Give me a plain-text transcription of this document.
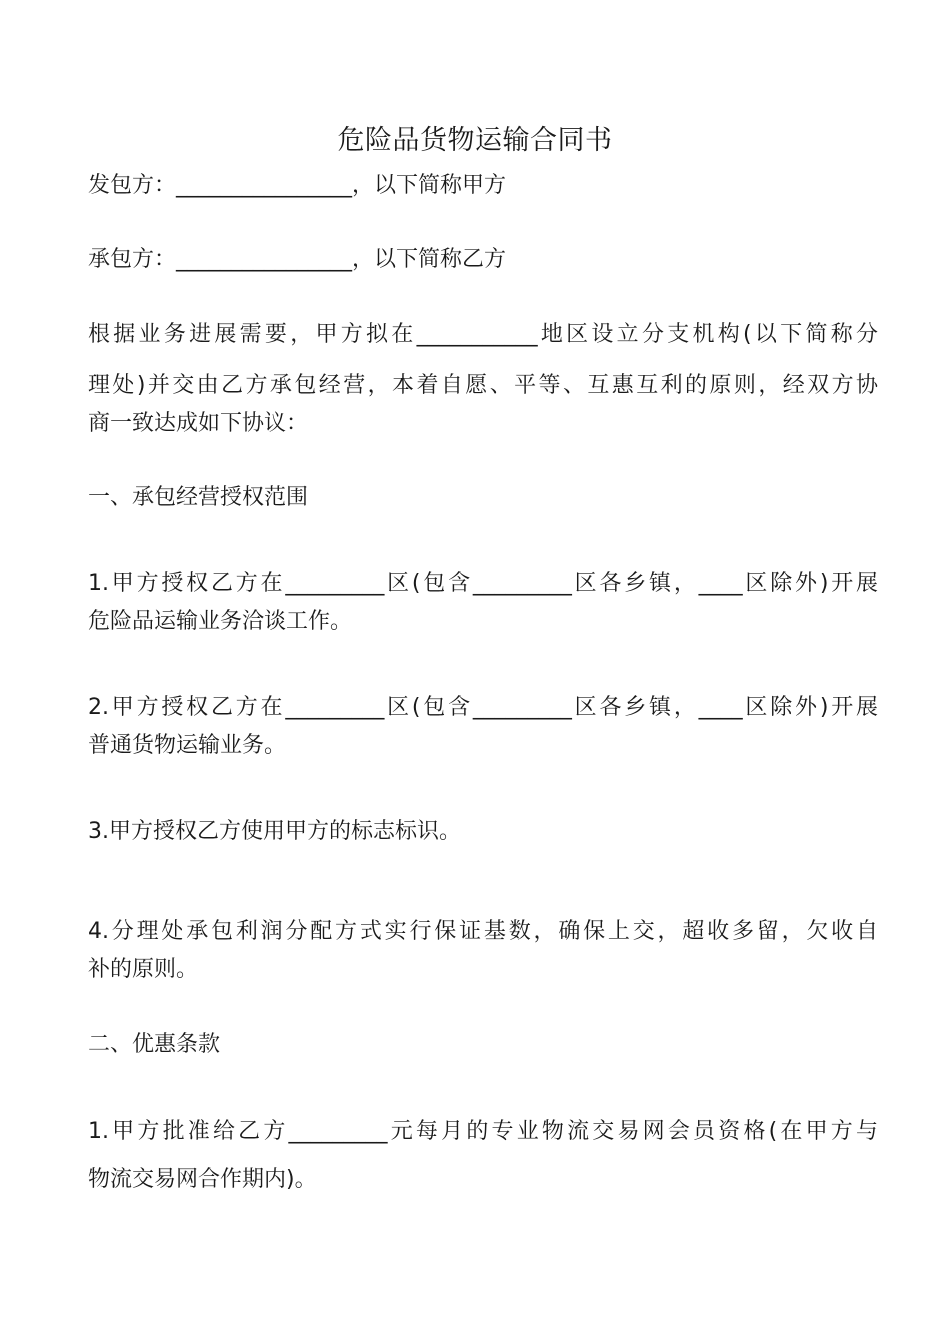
危险品货物运输合同书

发包方：________________，以下简称甲方

承包方：________________，以下简称乙方

根据业务进展需要，甲方拟在___________地区设立分支机构(以下简称分

理处)并交由乙方承包经营，本着自愿、平等、互惠互利的原则，经双方协

商一致达成如下协议：

一、承包经营授权范围

1.甲方授权乙方在_________区(包含_________区各乡镇，____区除外)开展

危险品运输业务洽谈工作。

2.甲方授权乙方在_________区(包含_________区各乡镇，____区除外)开展

普通货物运输业务。

3.甲方授权乙方使用甲方的标志标识。

4.分理处承包利润分配方式实行保证基数，确保上交，超收多留，欠收自

补的原则。

二、优惠条款

1.甲方批准给乙方_________元每月的专业物流交易网会员资格(在甲方与

物流交易网合作期内)。
